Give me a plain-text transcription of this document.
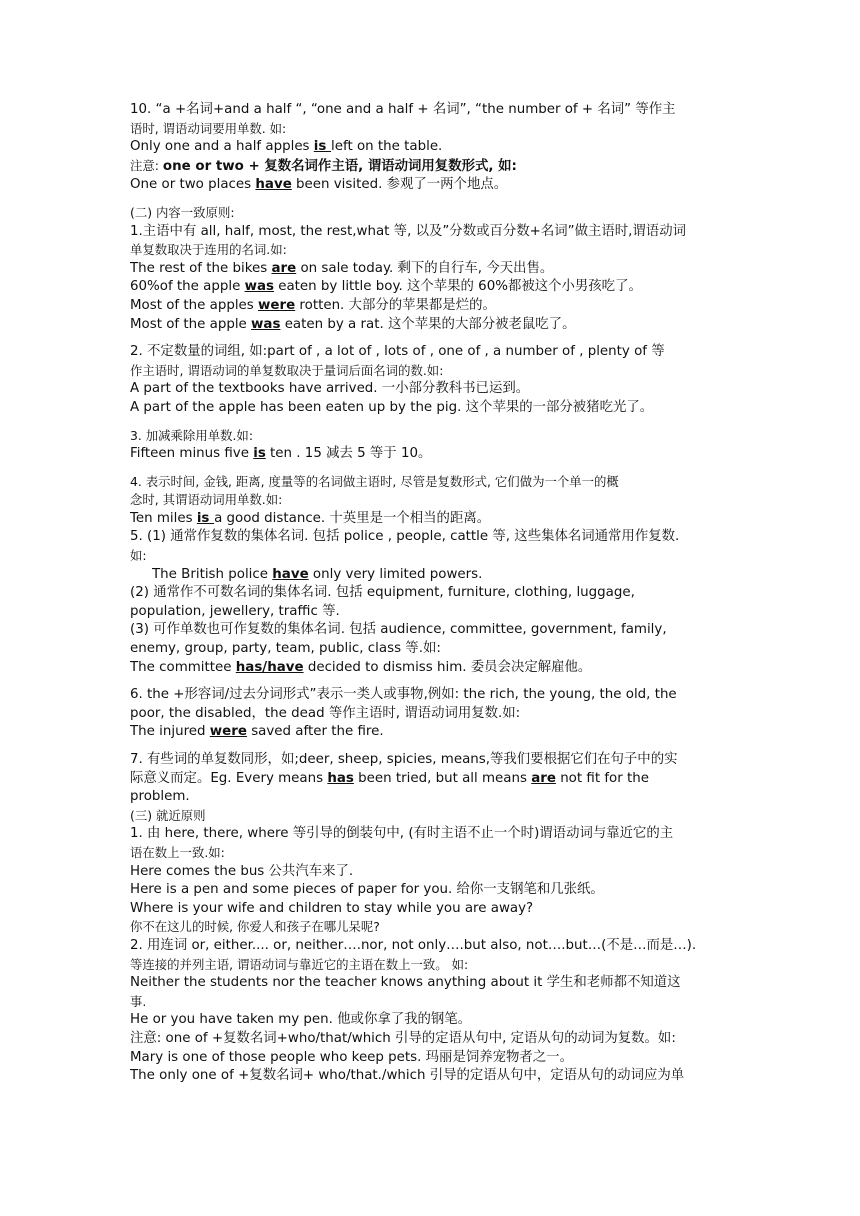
10. “a +名词+and a half “, “one and a half + 名词”, “the number of + 名词” 等作主
语时, 谓语动词要用单数. 如:
Only one and a half apples is left on the table.
注意: one or two + 复数名词作主语, 谓语动词用复数形式, 如:
One or two places have been visited. 参观了一两个地点。
(二) 内容一致原则:
1.主语中有 all, half, most, the rest,what 等, 以及”分数或百分数+名词”做主语时,谓语动词
单复数取决于连用的名词.如:
The rest of the bikes are on sale today. 剩下的自行车, 今天出售。
60%of the apple was eaten by little boy. 这个苹果的 60%都被这个小男孩吃了。
Most of the apples were rotten. 大部分的苹果都是烂的。
Most of the apple was eaten by a rat. 这个苹果的大部分被老鼠吃了。
2. 不定数量的词组, 如:part of , a lot of , lots of , one of , a number of , plenty of 等
作主语时, 谓语动词的单复数取决于量词后面名词的数.如:
A part of the textbooks have arrived. 一小部分教科书已运到。
A part of the apple has been eaten up by the pig. 这个苹果的一部分被猪吃光了。
3. 加减乘除用单数.如:
Fifteen minus five is ten . 15 减去 5 等于 10。
4. 表示时间, 金钱, 距离, 度量等的名词做主语时, 尽管是复数形式, 它们做为一个单一的概
念时, 其谓语动词用单数.如:
Ten miles is a good distance. 十英里是一个相当的距离。
5. (1) 通常作复数的集体名词. 包括 police , people, cattle 等, 这些集体名词通常用作复数.
如:
The British police have only very limited powers.
(2) 通常作不可数名词的集体名词. 包括 equipment, furniture, clothing, luggage,
population, jewellery, traffic 等.
(3) 可作单数也可作复数的集体名词. 包括 audience, committee, government, family,
enemy, group, party, team, public, class 等.如:
The committee has/have decided to dismiss him. 委员会决定解雇他。
6. the +形容词/过去分词形式”表示一类人或事物,例如: the rich, the young, the old, the
poor, the disabled，the dead 等作主语时, 谓语动词用复数.如:
The injured were saved after the fire.
7. 有些词的单复数同形，如;deer, sheep, spicies, means,等我们要根据它们在句子中的实
际意义而定。Eg. Every means has been tried, but all means are not fit for the
problem.
(三) 就近原则
1. 由 here, there, where 等引导的倒装句中, (有时主语不止一个时)谓语动词与靠近它的主
语在数上一致.如:
Here comes the bus 公共汽车来了.
Here is a pen and some pieces of paper for you. 给你一支钢笔和几张纸。
Where is your wife and children to stay while you are away?
你不在这儿的时候, 你爱人和孩子在哪儿呆呢?
2. 用连词 or, either.... or, neither….nor, not only….but also, not….but…(不是…而是…).
等连接的并列主语, 谓语动词与靠近它的主语在数上一致。 如:
Neither the students nor the teacher knows anything about it 学生和老师都不知道这
事.
He or you have taken my pen. 他或你拿了我的钢笔。
注意: one of +复数名词+who/that/which 引导的定语从句中, 定语从句的动词为复数。如:
Mary is one of those people who keep pets. 玛丽是饲养宠物者之一。
The only one of +复数名词+ who/that./which 引导的定语从句中，定语从句的动词应为单
